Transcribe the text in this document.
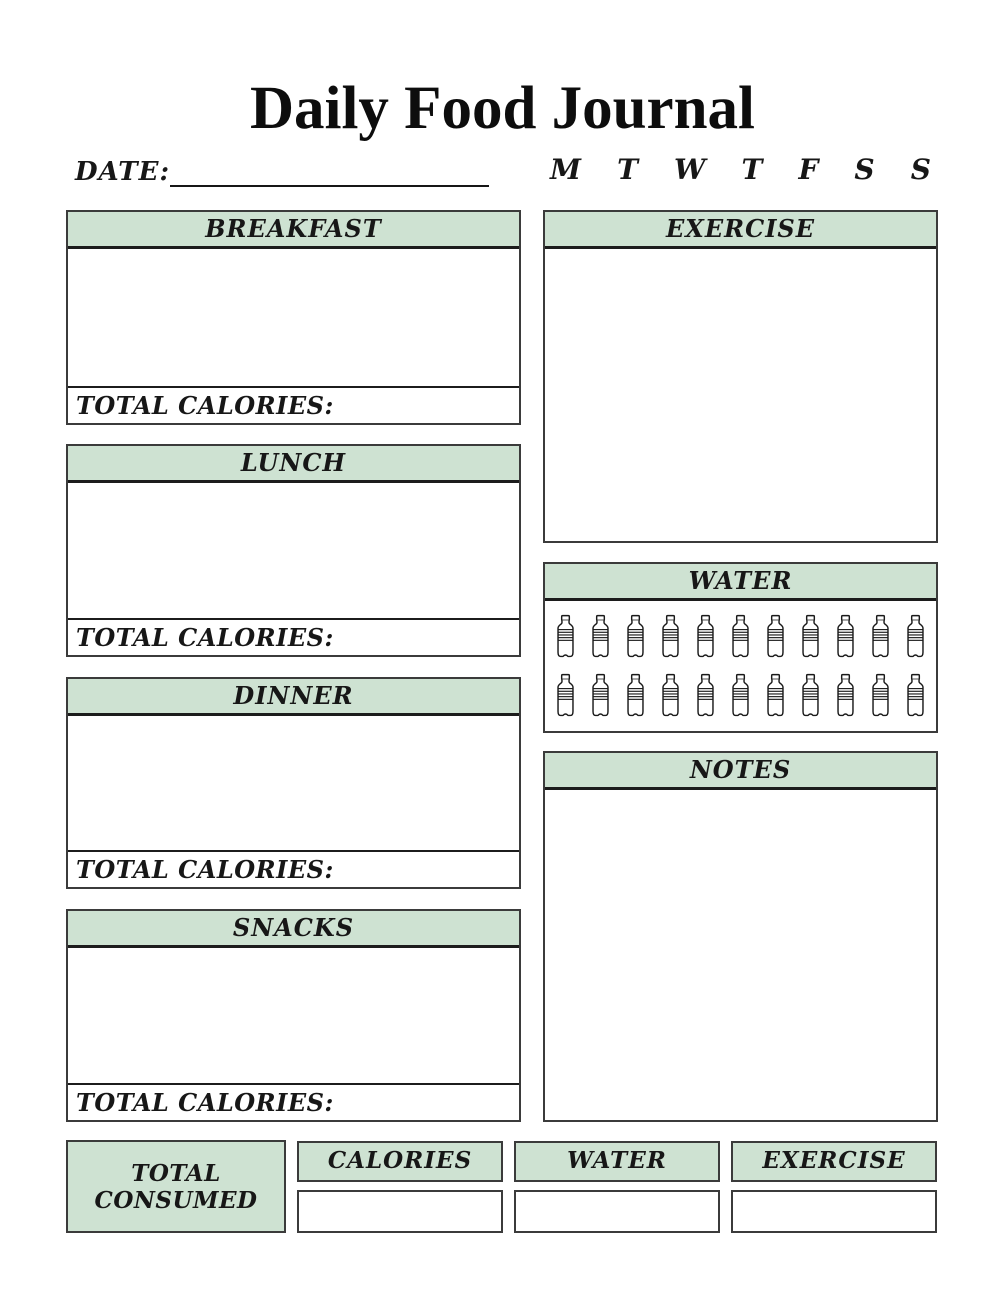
Daily Food Journal
DATE:	M T W T F S S
BREAKFAST
TOTAL CALORIES:
LUNCH
TOTAL CALORIES:
DINNER
TOTAL CALORIES:
SNACKS
TOTAL CALORIES:
EXERCISE
WATER
NOTES
TOTAL CONSUMED
CALORIES	WATER	EXERCISE
